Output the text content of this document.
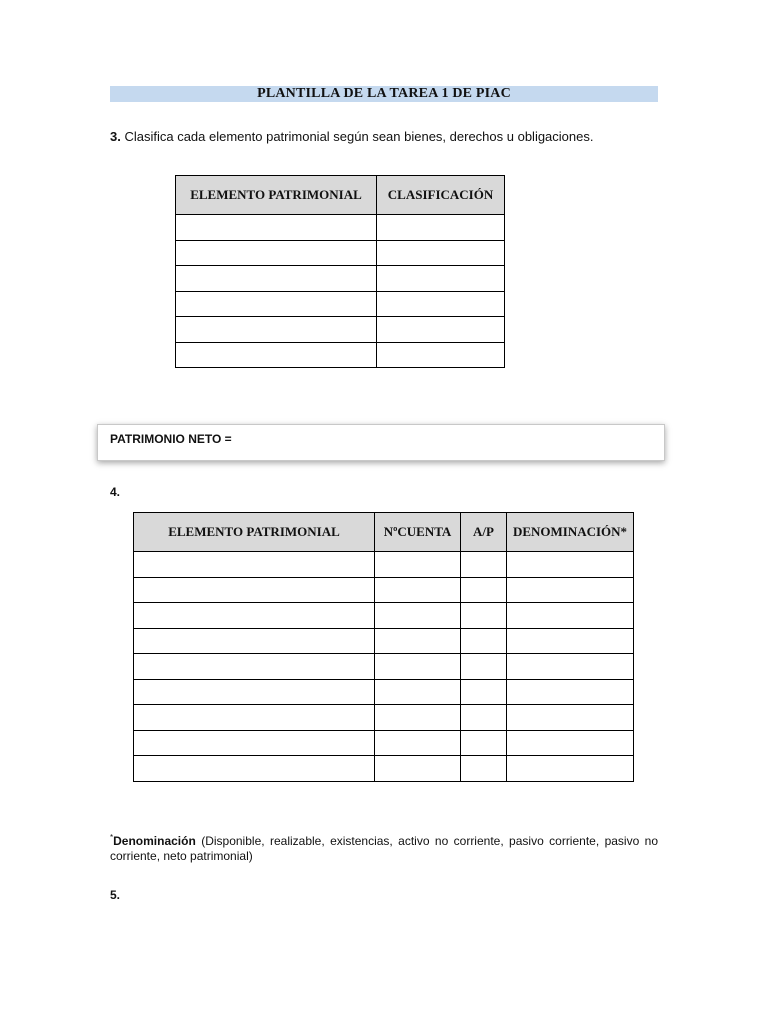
PLANTILLA DE LA TAREA 1 DE PIAC
3. Clasifica cada elemento patrimonial según sean bienes, derechos u obligaciones.
ELEMENTO PATRIMONIAL	CLASIFICACIÓN

PATRIMONIO NETO =
4.
ELEMENTO PATRIMONIAL	NºCUENTA	A/P	DENOMINACIÓN*

*Denominación (Disponible, realizable, existencias, activo no corriente, pasivo corriente, pasivo no corriente, neto patrimonial)
5.
